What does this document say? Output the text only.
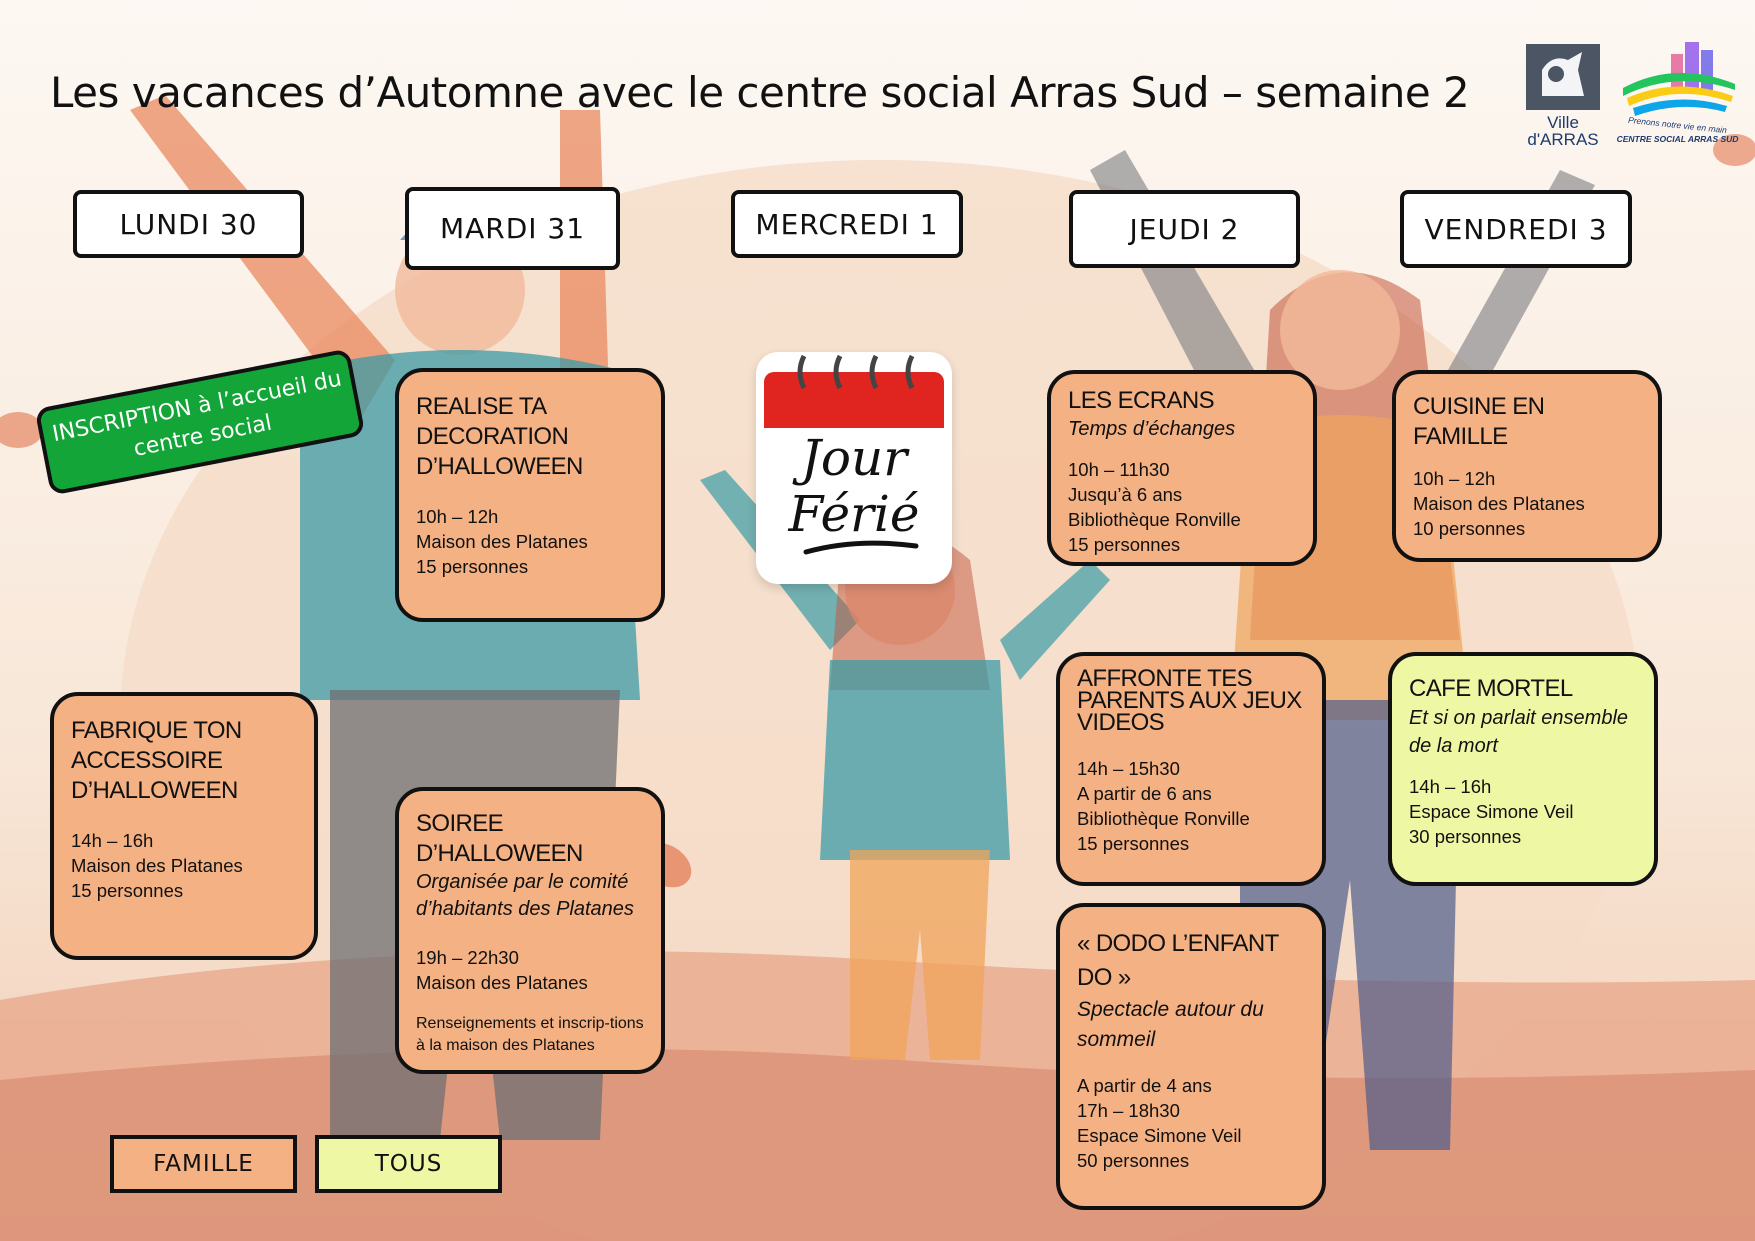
Les vacances d’Automne avec le centre social Arras Sud – semaine 2
Ville
d'ARRAS
Prenons notre vie en main
CENTRE SOCIAL ARRAS SUD
LUNDI 30	MARDI 31	MERCREDI 1	JEUDI 2	VENDREDI 3
INSCRIPTION à l’accueil du centre social	Jour
Férié
FABRIQUE TON ACCESSOIRE D’HALLOWEEN
14h – 16h
Maison des Platanes
15 personnes
REALISE TA DECORATION D’HALLOWEEN
10h – 12h
Maison des Platanes
15 personnes
SOIREE D’HALLOWEEN
Organisée par le comité d’habitants des Platanes
19h – 22h30
Maison des Platanes
Renseignements et inscrip-tions à la maison des Platanes
LES ECRANS
Temps d’échanges
10h – 11h30
Jusqu’à 6 ans
Bibliothèque Ronville
15 personnes
AFFRONTE TES PARENTS AUX JEUX VIDEOS
14h – 15h30
A partir de 6 ans
Bibliothèque Ronville
15 personnes
« DODO L’ENFANT DO »
Spectacle autour du sommeil
A partir de 4 ans
17h – 18h30
Espace Simone Veil
50 personnes
CUISINE EN FAMILLE
10h – 12h
Maison des Platanes
10 personnes
CAFE MORTEL
Et si on parlait ensemble de la mort
14h – 16h
Espace Simone Veil
30 personnes
FAMILLE	TOUS
